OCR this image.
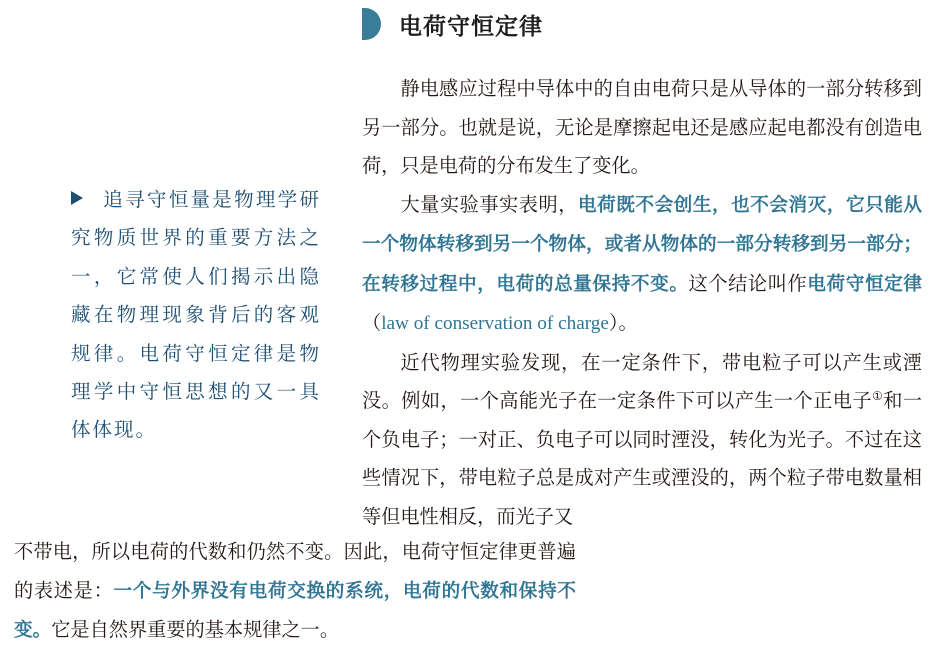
电荷守恒定律

静电感应过程中导体中的自由电荷只是从导体的一部分转移到另一部分。也就是说，无论是摩擦起电还是感应起电都没有创造电荷，只是电荷的分布发生了变化。

大量实验事实表明，电荷既不会创生，也不会消灭，它只能从一个物体转移到另一个物体，或者从物体的一部分转移到另一部分；在转移过程中，电荷的总量保持不变。这个结论叫作电荷守恒定律（law of conservation of charge）。

近代物理实验发现，在一定条件下，带电粒子可以产生或湮没。例如，一个高能光子在一定条件下可以产生一个正电子①和一个负电子；一对正、负电子可以同时湮没，转化为光子。不过在这些情况下，带电粒子总是成对产生或湮没的，两个粒子带电数量相等但电性相反，而光子又

不带电，所以电荷的代数和仍然不变。因此，电荷守恒定律更普遍的表述是：一个与外界没有电荷交换的系统，电荷的代数和保持不变。它是自然界重要的基本规律之一。

追寻守恒量是物理学研究物质世界的重要方法之一，它常使人们揭示出隐藏在物理现象背后的客观规律。电荷守恒定律是物理学中守恒思想的又一具体体现。
